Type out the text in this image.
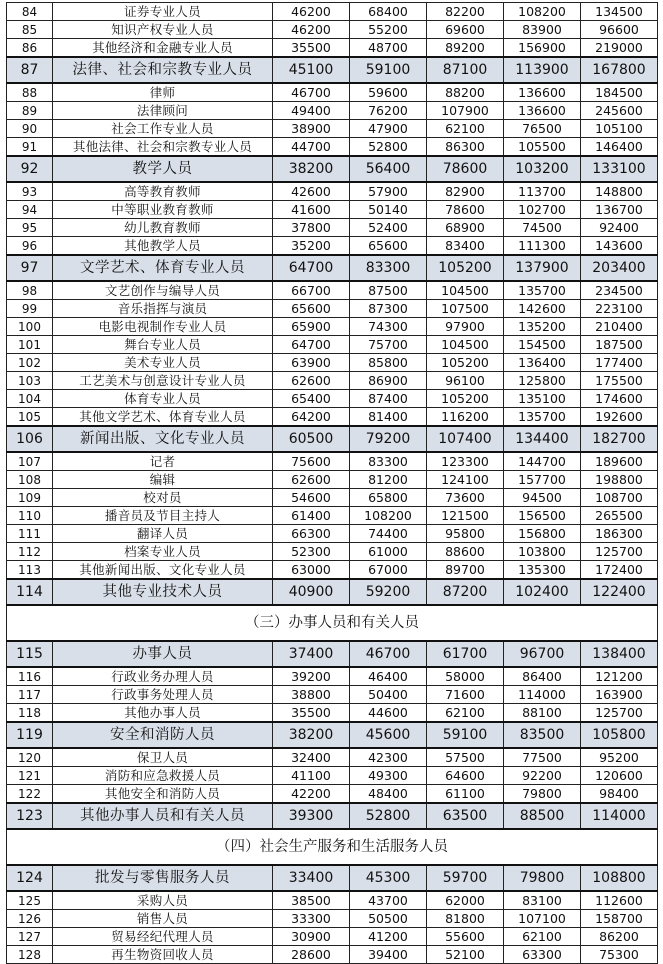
84	证券专业人员	46200	68400	82200	108200	134500
85	知识产权专业人员	46200	55200	69600	83900	96600
86	其他经济和金融专业人员	35500	48700	89200	156900	219000
87	法律、社会和宗教专业人员	45100	59100	87100	113900	167800
88	律师	46700	59600	88200	136600	184500
89	法律顾问	49400	76200	107900	136600	245600
90	社会工作专业人员	38900	47900	62100	76500	105100
91	其他法律、社会和宗教专业人员	44700	52800	86300	105500	146400
92	教学人员	38200	56400	78600	103200	133100
93	高等教育教师	42600	57900	82900	113700	148800
94	中等职业教育教师	41600	50140	78600	102700	136700
95	幼儿教育教师	37800	52400	68900	74500	92400
96	其他教学人员	35200	65600	83400	111300	143600
97	文学艺术、体育专业人员	64700	83300	105200	137900	203400
98	文艺创作与编导人员	66700	87500	104500	135700	234500
99	音乐指挥与演员	65600	87300	107500	142600	223100
100	电影电视制作专业人员	65900	74300	97900	135200	210400
101	舞台专业人员	64700	75700	104500	154500	187500
102	美术专业人员	63900	85800	105200	136400	177400
103	工艺美术与创意设计专业人员	62600	86900	96100	125800	175500
104	体育专业人员	65400	87400	105200	135100	174600
105	其他文学艺术、体育专业人员	64200	81400	116200	135700	192600
106	新闻出版、文化专业人员	60500	79200	107400	134400	182700
107	记者	75600	83300	123300	144700	189600
108	编辑	62600	81200	124100	157700	198800
109	校对员	54600	65800	73600	94500	108700
110	播音员及节目主持人	61400	108200	121500	156500	265500
111	翻译人员	66300	74400	95800	156800	186300
112	档案专业人员	52300	61000	88600	103800	125700
113	其他新闻出版、文化专业人员	63000	67000	89700	135300	172400
114	其他专业技术人员	40900	59200	87200	102400	122400
（三）办事人员和有关人员						
115	办事人员	37400	46700	61700	96700	138400
116	行政业务办理人员	39200	46400	58000	86400	121200
117	行政事务处理人员	38800	50400	71600	114000	163900
118	其他办事人员	35500	44600	62100	88100	125700
119	安全和消防人员	38200	45600	59100	83500	105800
120	保卫人员	32400	42300	57500	77500	95200
121	消防和应急救援人员	41100	49300	64600	92200	120600
122	其他安全和消防人员	42200	48400	61100	79800	98400
123	其他办事人员和有关人员	39300	52800	63500	88500	114000
（四）社会生产服务和生活服务人员						
124	批发与零售服务人员	33400	45300	59700	79800	108800
125	采购人员	38500	43700	62000	83100	112600
126	销售人员	33300	50500	81800	107100	158700
127	贸易经纪代理人员	30900	41200	55600	62100	86200
128	再生物资回收人员	28600	39400	52100	63300	75300
